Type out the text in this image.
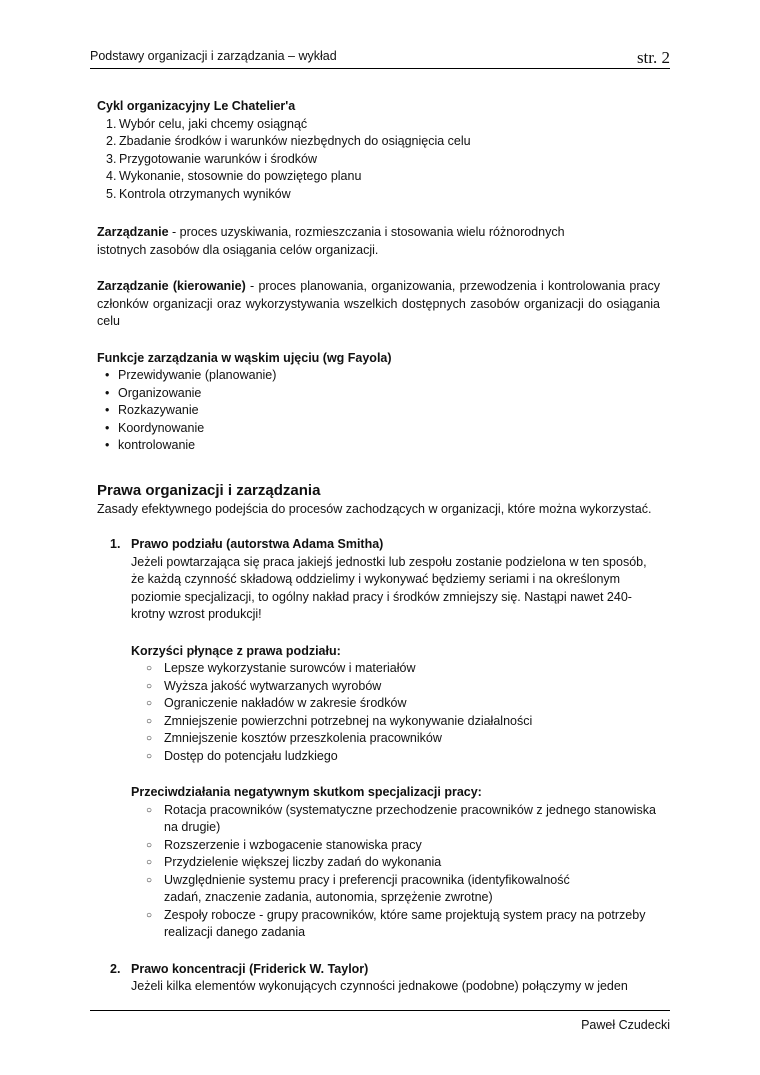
Podstawy organizacji i zarządzania – wykład	str. 2

Cykl organizacyjny Le Chatelier'a

1. Wybór celu, jaki chcemy osiągnąć
2. Zbadanie środków i warunków niezbędnych do osiągnięcia celu
3. Przygotowanie warunków i środków
4. Wykonanie, stosownie do powziętego planu
5. Kontrola otrzymanych wyników

Zarządzanie - proces uzyskiwania, rozmieszczania i stosowania wielu różnorodnych
istotnych zasobów dla osiągania celów organizacji.

Zarządzanie (kierowanie) - proces planowania, organizowania, przewodzenia i kontrolowania pracy członków organizacji oraz wykorzystywania wszelkich dostępnych zasobów organizacji do osiągania celu

Funkcje zarządzania w wąskim ujęciu (wg Fayola)

• Przewidywanie (planowanie)
• Organizowanie
• Rozkazywanie
• Koordynowanie
• kontrolowanie
Prawa organizacji i zarządzania

Zasady efektywnego podejścia do procesów zachodzących w organizacji, które można wykorzystać.

1. Prawo podziału (autorstwa Adama Smitha)

Jeżeli powtarzająca się praca jakiejś jednostki lub zespołu zostanie podzielona w ten sposób,
że każdą czynność składową oddzielimy i wykonywać będziemy seriami i na określonym
poziomie specjalizacji, to ogólny nakład pracy i środków zmniejszy się. Nastąpi nawet 240-
krotny wzrost produkcji!

Korzyści płynące z prawa podziału:

○ Lepsze wykorzystanie surowców i materiałów
○ Wyższa jakość wytwarzanych wyrobów
○ Ograniczenie nakładów w zakresie środków
○ Zmniejszenie powierzchni potrzebnej na wykonywanie działalności
○ Zmniejszenie kosztów przeszkolenia pracowników
○ Dostęp do potencjału ludzkiego

Przeciwdziałania negatywnym skutkom specjalizacji pracy:

○ Rotacja pracowników (systematyczne przechodzenie pracowników z jednego stanowiska
na drugie)
○ Rozszerzenie i wzbogacenie stanowiska pracy
○ Przydzielenie większej liczby zadań do wykonania
○ Uwzględnienie systemu pracy i preferencji pracownika (identyfikowalność
zadań, znaczenie zadania, autonomia, sprzężenie zwrotne)
○ Zespoły robocze - grupy pracowników, które same projektują system pracy na potrzeby
realizacji danego zadania
2. Prawo koncentracji (Friderick W. Taylor)

Jeżeli kilka elementów wykonujących czynności jednakowe (podobne) połączymy w jeden

Paweł Czudecki
